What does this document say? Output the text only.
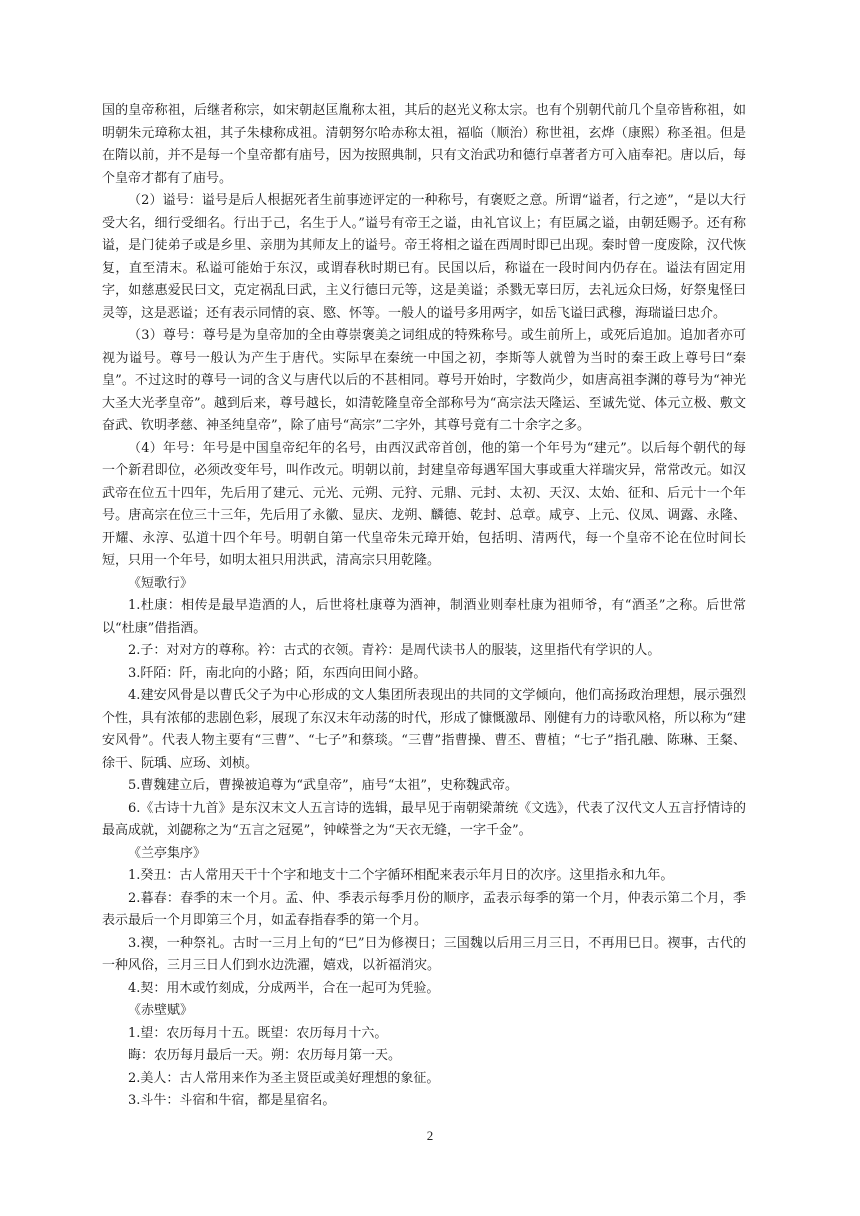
国的皇帝称祖，后继者称宗，如宋朝赵匡胤称太祖，其后的赵光义称太宗。也有个别朝代前几个皇帝皆称祖，如明朝朱元璋称太祖，其子朱棣称成祖。清朝努尔哈赤称太祖，福临（顺治）称世祖，玄烨（康熙）称圣祖。但是在隋以前，并不是每一个皇帝都有庙号，因为按照典制，只有文治武功和德行卓著者方可入庙奉祀。唐以后，每个皇帝才都有了庙号。

（2）谥号：谥号是后人根据死者生前事迹评定的一种称号，有褒贬之意。所谓“谥者，行之迹”，“是以大行受大名，细行受细名。行出于己，名生于人。”谥号有帝王之谥，由礼官议上；有臣属之谥，由朝廷赐予。还有称谥，是门徒弟子或是乡里、亲朋为其师友上的谥号。帝王将相之谥在西周时即已出现。秦时曾一度废除，汉代恢复，直至清末。私谥可能始于东汉，或谓春秋时期已有。民国以后，称谥在一段时间内仍存在。谥法有固定用字，如慈惠爱民曰文，克定祸乱曰武，主义行德曰元等，这是美谥；杀戮无辜曰厉，去礼远众曰炀，好祭鬼怪曰灵等，这是恶谥；还有表示同情的哀、愍、怀等。一般人的谥号多用两字，如岳飞谥曰武穆，海瑞谥曰忠介。

（3）尊号：尊号是为皇帝加的全由尊崇褒美之词组成的特殊称号。或生前所上，或死后追加。追加者亦可视为谥号。尊号一般认为产生于唐代。实际早在秦统一中国之初，李斯等人就曾为当时的秦王政上尊号曰“秦皇”。不过这时的尊号一词的含义与唐代以后的不甚相同。尊号开始时，字数尚少，如唐高祖李渊的尊号为“神光大圣大光孝皇帝”。越到后来，尊号越长，如清乾隆皇帝全部称号为“高宗法天隆运、至诚先觉、体元立极、敷文奋武、钦明孝慈、神圣纯皇帝”，除了庙号“高宗”二字外，其尊号竟有二十余字之多。

（4）年号：年号是中国皇帝纪年的名号，由西汉武帝首创，他的第一个年号为“建元”。以后每个朝代的每一个新君即位，必须改变年号，叫作改元。明朝以前，封建皇帝每遇军国大事或重大祥瑞灾异，常常改元。如汉武帝在位五十四年，先后用了建元、元光、元朔、元狩、元鼎、元封、太初、天汉、太始、征和、后元十一个年号。唐高宗在位三十三年，先后用了永徽、显庆、龙朔、麟德、乾封、总章。咸亨、上元、仪凤、调露、永隆、开耀、永淳、弘道十四个年号。明朝自第一代皇帝朱元璋开始，包括明、清两代，每一个皇帝不论在位时间长短，只用一个年号，如明太祖只用洪武，清高宗只用乾隆。

《短歌行》

1.杜康：相传是最早造酒的人，后世将杜康尊为酒神，制酒业则奉杜康为祖师爷，有“酒圣”之称。后世常以“杜康”借指酒。

2.子：对对方的尊称。衿：古式的衣领。青衿：是周代读书人的服装，这里指代有学识的人。

3.阡陌：阡，南北向的小路；陌，东西向田间小路。

4.建安风骨是以曹氏父子为中心形成的文人集团所表现出的共同的文学倾向，他们高扬政治理想，展示强烈个性，具有浓郁的悲剧色彩，展现了东汉末年动荡的时代，形成了慷慨激昂、刚健有力的诗歌风格，所以称为“建安风骨”。代表人物主要有“三曹”、“七子”和蔡琰。“三曹”指曹操、曹丕、曹植；“七子”指孔融、陈琳、王粲、徐干、阮瑀、应玚、刘桢。

5.曹魏建立后，曹操被追尊为“武皇帝”，庙号“太祖”，史称魏武帝。

6.《古诗十九首》是东汉末文人五言诗的选辑，最早见于南朝梁萧统《文选》，代表了汉代文人五言抒情诗的最高成就，刘勰称之为“五言之冠冕”，钟嵘誉之为“天衣无缝，一字千金”。

《兰亭集序》

1.癸丑：古人常用天干十个字和地支十二个字循环相配来表示年月日的次序。这里指永和九年。

2.暮春：春季的末一个月。孟、仲、季表示每季月份的顺序，孟表示每季的第一个月，仲表示第二个月，季表示最后一个月即第三个月，如孟春指春季的第一个月。

3.禊，一种祭礼。古时一三月上旬的“巳”日为修禊日；三国魏以后用三月三日，不再用巳日。禊事，古代的一种风俗，三月三日人们到水边洗濯，嬉戏，以祈福消灾。

4.契：用木或竹刻成，分成两半，合在一起可为凭验。

《赤壁赋》

1.望：农历每月十五。既望：农历每月十六。

晦：农历每月最后一天。朔：农历每月第一天。

2.美人：古人常用来作为圣主贤臣或美好理想的象征。

3.斗牛：斗宿和牛宿，都是星宿名。

2
